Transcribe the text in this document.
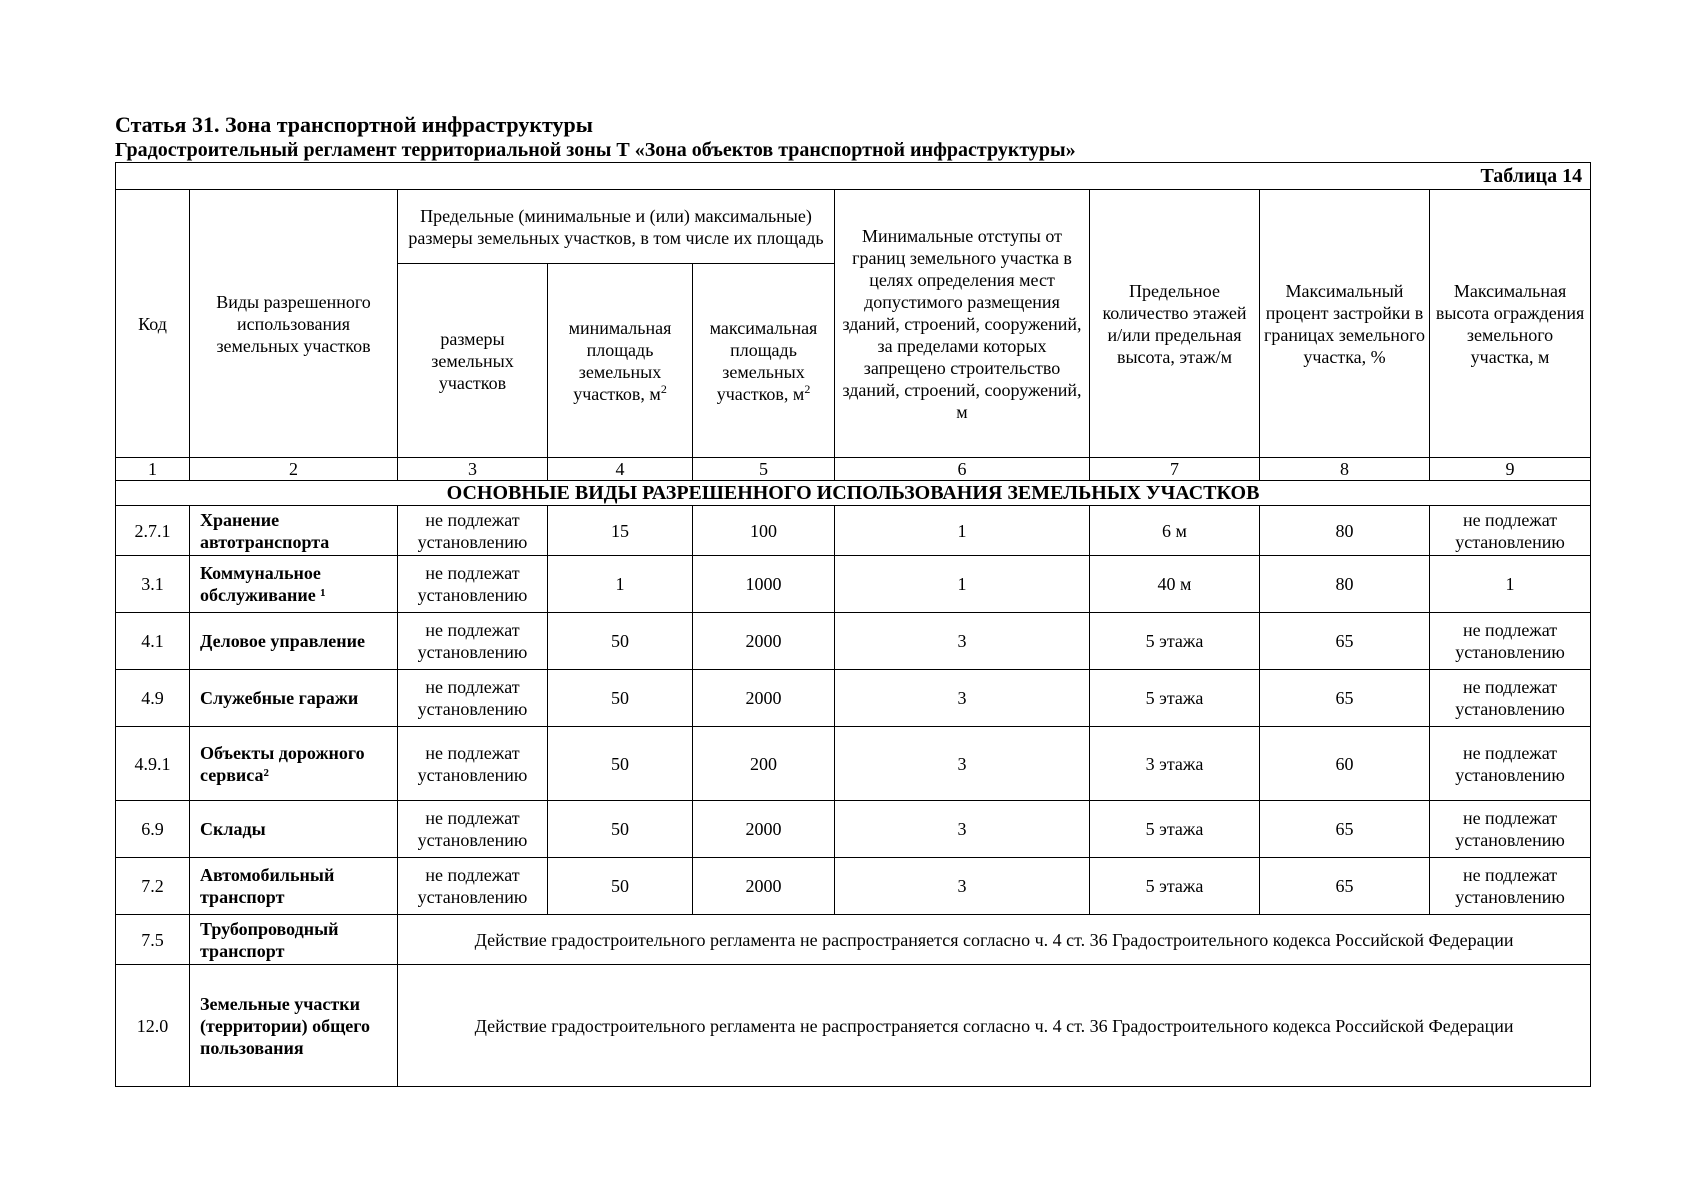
Статья 31. Зона транспортной инфраструктуры

Градостроительный регламент территориальной зоны Т «Зона объектов транспортной инфраструктуры»

Таблица 14								
Код	Виды разрешенного использования земельных участков	Предельные (минимальные и (или) максимальные) размеры земельных участков, в том числе их площадь			Минимальные отступы от границ земельного участка в целях определения мест допустимого размещения зданий, строений, сооружений, за пределами которых запрещено строительство зданий, строений, сооружений, м	Предельное количество этажей и/или предельная высота, этаж/м	Максимальный процент застройки в границах земельного участка, %	Максимальная высота ограждения земельного участка, м
		размеры земельных участков	минимальная площадь земельных участков, $м^2$	максимальная площадь земельных участков, $м^2$
1	2	3	4	5	6	7	8	9
ОСНОВНЫЕ ВИДЫ РАЗРЕШЕННОГО ИСПОЛЬЗОВАНИЯ ЗЕМЕЛЬНЫХ УЧАСТКОВ								
2.7.1	Хранение автотранспорта	не подлежат установлению	15	100	1	6 м	80	не подлежат установлению
3.1	Коммунальное обслуживание ¹	не подлежат установлению	1	1000	1	40 м	80	1
4.1	Деловое управление	не подлежат установлению	50	2000	3	5 этажа	65	не подлежат установлению
4.9	Служебные гаражи	не подлежат установлению	50	2000	3	5 этажа	65	не подлежат установлению
4.9.1	Объекты дорожного сервиса²	не подлежат установлению	50	200	3	3 этажа	60	не подлежат установлению
6.9	Склады	не подлежат установлению	50	2000	3	5 этажа	65	не подлежат установлению
7.2	Автомобильный транспорт	не подлежат установлению	50	2000	3	5 этажа	65	не подлежат установлению
7.5	Трубопроводный транспорт	Действие градостроительного регламента не распространяется согласно ч. 4 ст. 36 Градостроительного кодекса Российской Федерации						
12.0	Земельные участки (территории) общего пользования	Действие градостроительного регламента не распространяется согласно ч. 4 ст. 36 Градостроительного кодекса Российской Федерации						
